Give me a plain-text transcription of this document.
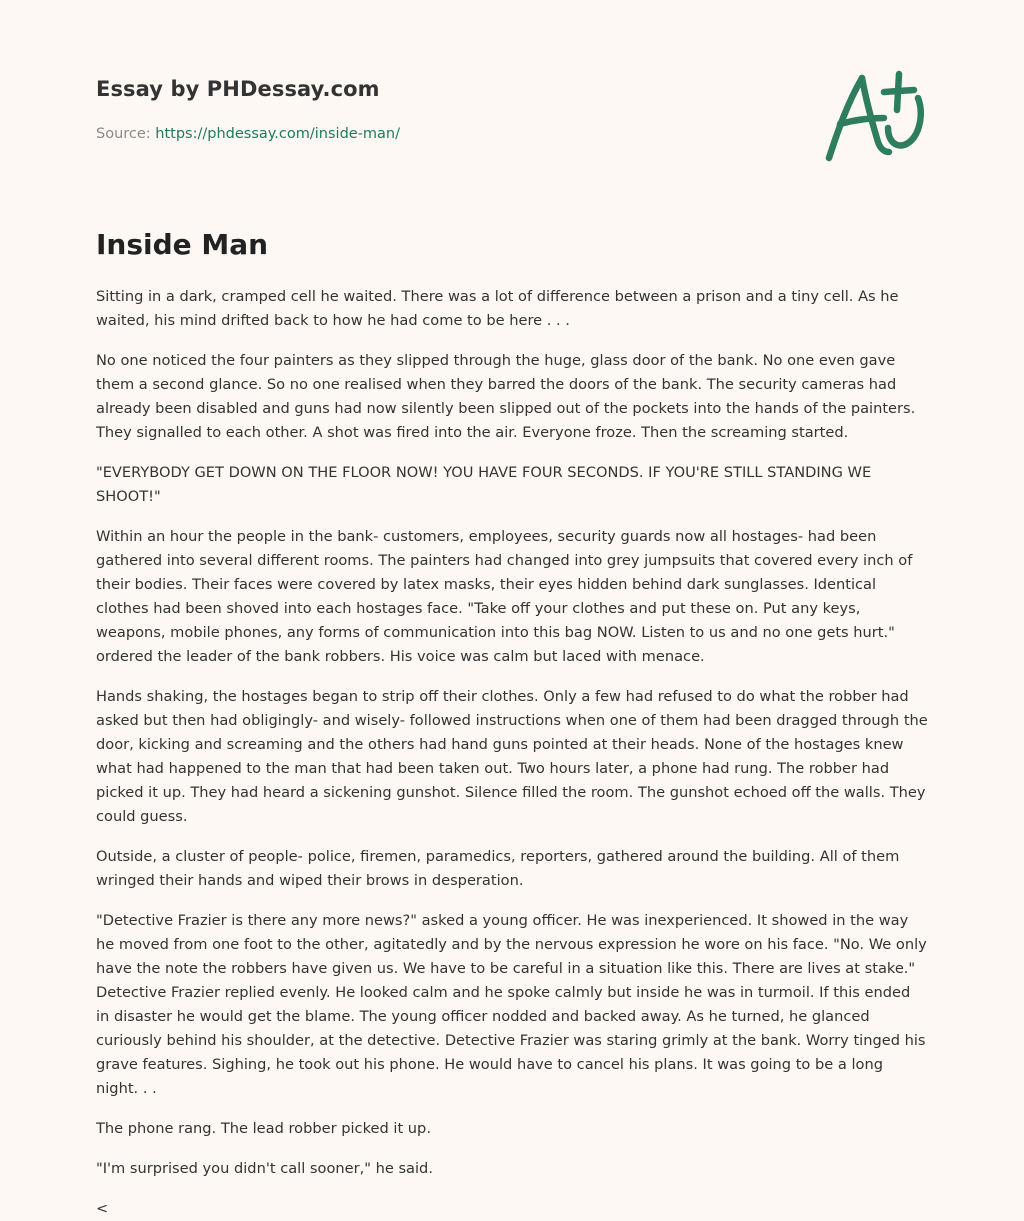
Essay by PHDessay.com
Source: https://phdessay.com/inside-man/
Inside Man

Sitting in a dark, cramped cell he waited. There was a lot of difference between a prison and a tiny cell. As he waited, his mind drifted back to how he had come to be here . . .

No one noticed the four painters as they slipped through the huge, glass door of the bank. No one even gave them a second glance. So no one realised when they barred the doors of the bank. The security cameras had already been disabled and guns had now silently been slipped out of the pockets into the hands of the painters. They signalled to each other. A shot was fired into the air. Everyone froze. Then the screaming started.

"EVERYBODY GET DOWN ON THE FLOOR NOW! YOU HAVE FOUR SECONDS. IF YOU'RE STILL STANDING WE SHOOT!"

Within an hour the people in the bank- customers, employees, security guards now all hostages- had been gathered into several different rooms. The painters had changed into grey jumpsuits that covered every inch of their bodies. Their faces were covered by latex masks, their eyes hidden behind dark sunglasses. Identical clothes had been shoved into each hostages face. "Take off your clothes and put these on. Put any keys, weapons, mobile phones, any forms of communication into this bag NOW. Listen to us and no one gets hurt." ordered the leader of the bank robbers. His voice was calm but laced with menace.

Hands shaking, the hostages began to strip off their clothes. Only a few had refused to do what the robber had asked but then had obligingly- and wisely- followed instructions when one of them had been dragged through the door, kicking and screaming and the others had hand guns pointed at their heads. None of the hostages knew what had happened to the man that had been taken out. Two hours later, a phone had rung. The robber had picked it up. They had heard a sickening gunshot. Silence filled the room. The gunshot echoed off the walls. They could guess.

Outside, a cluster of people- police, firemen, paramedics, reporters, gathered around the building. All of them wringed their hands and wiped their brows in desperation.

"Detective Frazier is there any more news?" asked a young officer. He was inexperienced. It showed in the way he moved from one foot to the other, agitatedly and by the nervous expression he wore on his face. "No. We only have the note the robbers have given us. We have to be careful in a situation like this. There are lives at stake." Detective Frazier replied evenly. He looked calm and he spoke calmly but inside he was in turmoil. If this ended in disaster he would get the blame. The young officer nodded and backed away. As he turned, he glanced curiously behind his shoulder, at the detective. Detective Frazier was staring grimly at the bank. Worry tinged his grave features. Sighing, he took out his phone. He would have to cancel his plans. It was going to be a long night. . .

The phone rang. The lead robber picked it up.

"I'm surprised you didn't call sooner," he said.

<
